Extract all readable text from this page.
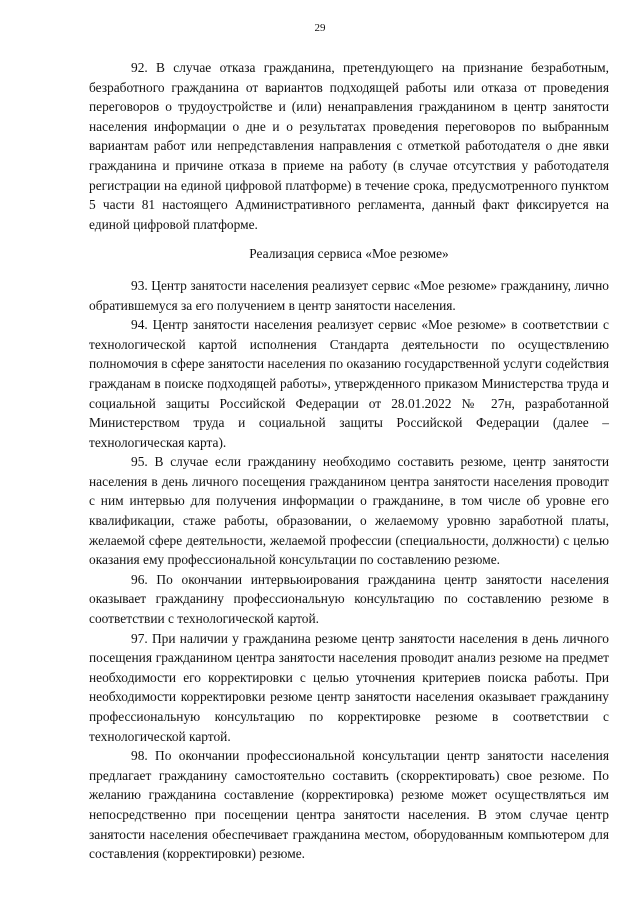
29

92. В случае отказа гражданина, претендующего на признание безработным, безработного гражданина от вариантов подходящей работы или отказа от проведения переговоров о трудоустройстве и (или) ненаправления гражданином в центр занятости населения информации о дне и о результатах проведения переговоров по выбранным вариантам работ или непредставления направления с отметкой работодателя о дне явки гражданина и причине отказа в приеме на работу (в случае отсутствия у работодателя регистрации на единой цифровой платформе) в течение срока, предусмотренного пунктом 5 части 81 настоящего Административного регламента, данный факт фиксируется на единой цифровой платформе.

Реализация сервиса «Мое резюме»

93. Центр занятости населения реализует сервис «Мое резюме» гражданину, лично обратившемуся за его получением в центр занятости населения.

94. Центр занятости населения реализует сервис «Мое резюме» в соответствии с технологической картой исполнения Стандарта деятельности по осуществлению полномочия в сфере занятости населения по оказанию государственной услуги содействия гражданам в поиске подходящей работы», утвержденного приказом Министерства труда и социальной защиты Российской Федерации от 28.01.2022 № 27н, разработанной Министерством труда и социальной защиты Российской Федерации (далее – технологическая карта).

95. В случае если гражданину необходимо составить резюме, центр занятости населения в день личного посещения гражданином центра занятости населения проводит с ним интервью для получения информации о гражданине, в том числе об уровне его квалификации, стаже работы, образовании, о желаемому уровню заработной платы, желаемой сфере деятельности, желаемой профессии (специальности, должности) с целью оказания ему профессиональной консультации по составлению резюме.

96. По окончании интервьюирования гражданина центр занятости населения оказывает гражданину профессиональную консультацию по составлению резюме в соответствии с технологической картой.

97. При наличии у гражданина резюме центр занятости населения в день личного посещения гражданином центра занятости населения проводит анализ резюме на предмет необходимости его корректировки с целью уточнения критериев поиска работы. При необходимости корректировки резюме центр занятости населения оказывает гражданину профессиональную консультацию по корректировке резюме в соответствии с технологической картой.

98. По окончании профессиональной консультации центр занятости населения предлагает гражданину самостоятельно составить (скорректировать) свое резюме. По желанию гражданина составление (корректировка) резюме может осуществляться им непосредственно при посещении центра занятости населения. В этом случае центр занятости населения обеспечивает гражданина местом, оборудованным компьютером для составления (корректировки) резюме.
